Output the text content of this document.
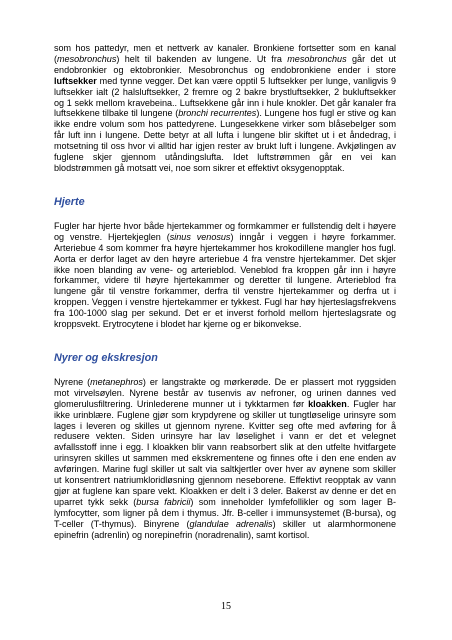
som hos pattedyr, men et nettverk av kanaler. Bronkiene fortsetter som en kanal (mesobronchus) helt til bakenden av lungene. Ut fra mesobronchus går det ut endobronkier og ektobronkier. Mesobronchus og endobronkiene ender i store luftsekker med tynne vegger. Det kan være opptil 5 luftsekker per lunge, vanligvis 9 luftsekker ialt (2 halsluftsekker, 2 fremre og 2 bakre brystluftsekker, 2 bukluftsekker og 1 sekk mellom kravebeina.. Luftsekkene går inn i hule knokler. Det går kanaler fra luftsekkene tilbake til lungene (bronchi recurrentes). Lungene hos fugl er stive og kan ikke endre volum som hos pattedyrene. Lungesekkene virker som blåsebelger som får luft inn i lungene. Dette betyr at all lufta i lungene blir skiftet ut i et åndedrag, i motsetning til oss hvor vi alltid har igjen rester av brukt luft i lungene. Avkjølingen av fuglene skjer gjennom utåndingslufta. Idet luftstrømmen går en vei kan blodstrømmen gå motsatt vei, noe som sikrer et effektivt oksygenopptak.

Hjerte

Fugler har hjerte hvor både hjertekammer og formkammer er fullstendig delt i høyere og venstre. Hjertekjeglen (sinus venosus) inngår i veggen i høyre forkammer. Arteriebue 4 som kommer fra høyre hjertekammer hos krokodillene mangler hos fugl. Aorta er derfor laget av den høyre arteriebue 4 fra venstre hjertekammer. Det skjer ikke noen blanding av vene- og arterieblod. Veneblod fra kroppen går inn i høyre forkammer, videre til høyre hjertekammer og deretter til lungene. Arterieblod fra lungene går til venstre forkammer, derfra til venstre hjertekammer og derfra ut i kroppen. Veggen i venstre hjertekammer er tykkest. Fugl har høy hjerteslagsfrekvens fra 100-1000 slag per sekund. Det er et inverst forhold mellom hjerteslagsrate og kroppsvekt. Erytrocytene i blodet har kjerne og er bikonvekse.

Nyrer og ekskresjon

Nyrene (metanephros) er langstrakte og mørkerøde. De er plassert mot ryggsiden mot virvelsøylen. Nyrene består av tusenvis av nefroner, og urinen dannes ved glomerulusfiltrering. Urinlederene munner ut i tykktarmen før kloakken. Fugler har ikke urinblære. Fuglene gjør som krypdyrene og skiller ut tungtløselige urinsyre som lages i leveren og skilles ut gjennom nyrene. Kvitter seg ofte med avføring for å redusere vekten. Siden urinsyre har lav løselighet i vann er det et velegnet avfallsstoff inne i egg. I kloakken blir vann reabsorbert slik at den utfelte hvitfargete urinsyren skilles ut sammen med ekskrementene og finnes ofte i den ene enden av avføringen. Marine fugl skiller ut salt via saltkjertler over hver av øynene som skiller ut konsentrert natriumkloridløsning gjennom neseborene. Effektivt reopptak av vann gjør at fuglene kan spare vekt. Kloakken er delt i 3 deler. Bakerst av denne er det en uparret tykk sekk (bursa fabricii) som inneholder lymfefollikler og som lager B-lymfocytter, som ligner på dem i thymus. Jfr. B-celler i immunsystemet (B-bursa), og T-celler (T-thymus). Binyrene (glandulae adrenalis) skiller ut alarmhormonene epinefrin (adrenlin) og norepinefrin (noradrenalin), samt kortisol.

15
